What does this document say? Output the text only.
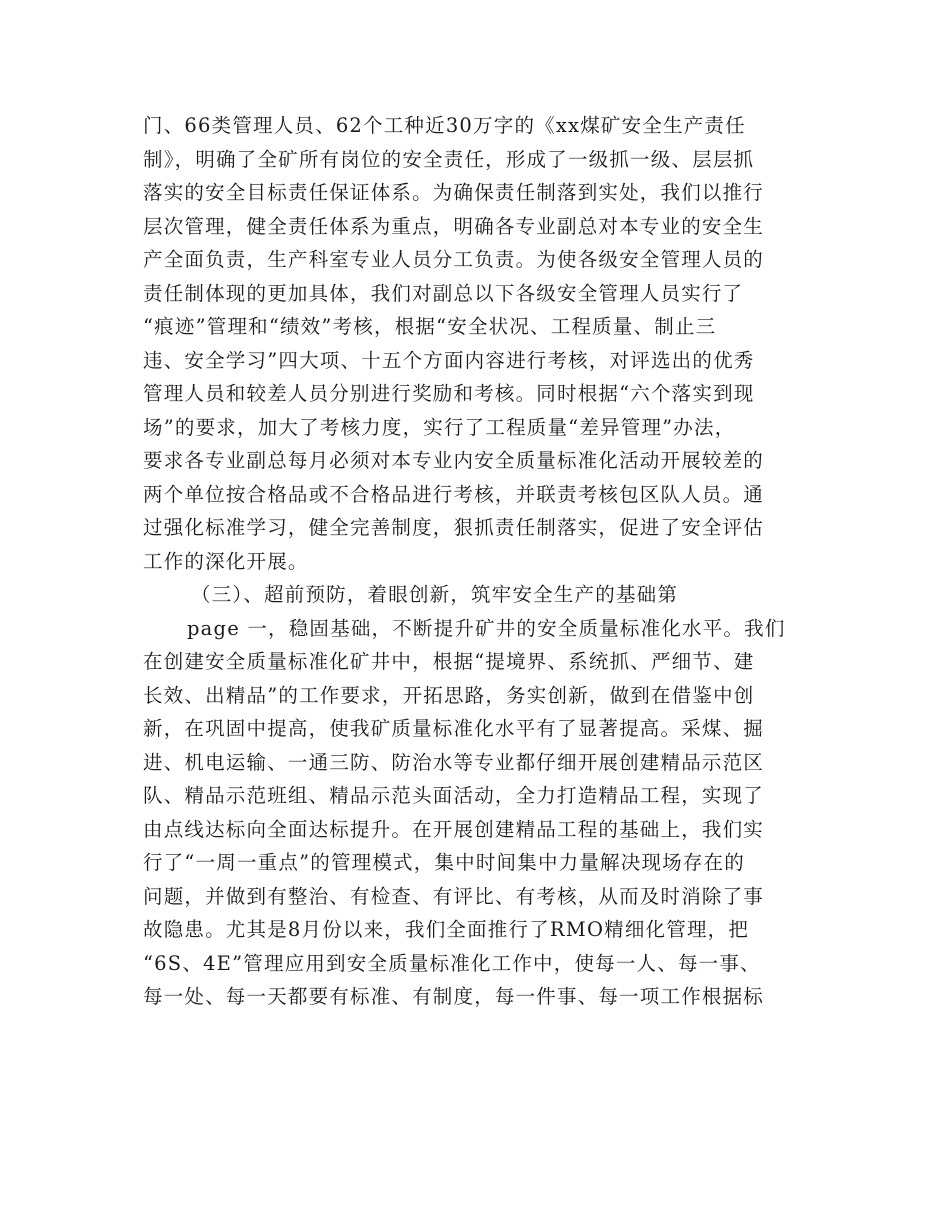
门、66类管理人员、62个工种近30万字的《xx煤矿安全生产责任
制》，明确了全矿所有岗位的安全责任，形成了一级抓一级、层层抓
落实的安全目标责任保证体系。为确保责任制落到实处，我们以推行
层次管理，健全责任体系为重点，明确各专业副总对本专业的安全生
产全面负责，生产科室专业人员分工负责。为使各级安全管理人员的
责任制体现的更加具体，我们对副总以下各级安全管理人员实行了
“痕迹”管理和“绩效”考核，根据“安全状况、工程质量、制止三
违、安全学习”四大项、十五个方面内容进行考核，对评选出的优秀
管理人员和较差人员分别进行奖励和考核。同时根据“六个落实到现
场”的要求，加大了考核力度，实行了工程质量“差异管理”办法，
要求各专业副总每月必须对本专业内安全质量标准化活动开展较差的
两个单位按合格品或不合格品进行考核，并联责考核包区队人员。通
过强化标准学习，健全完善制度，狠抓责任制落实，促进了安全评估
工作的深化开展。
（三）、超前预防，着眼创新，筑牢安全生产的基础第
page 一，稳固基础，不断提升矿井的安全质量标准化水平。我们
在创建安全质量标准化矿井中，根据“提境界、系统抓、严细节、建
长效、出精品”的工作要求，开拓思路，务实创新，做到在借鉴中创
新，在巩固中提高，使我矿质量标准化水平有了显著提高。采煤、掘
进、机电运输、一通三防、防治水等专业都仔细开展创建精品示范区
队、精品示范班组、精品示范头面活动，全力打造精品工程，实现了
由点线达标向全面达标提升。在开展创建精品工程的基础上，我们实
行了“一周一重点”的管理模式，集中时间集中力量解决现场存在的
问题，并做到有整治、有检查、有评比、有考核，从而及时消除了事
故隐患。尤其是8月份以来，我们全面推行了RMO精细化管理，把
“6S、4E”管理应用到安全质量标准化工作中，使每一人、每一事、
每一处、每一天都要有标准、有制度，每一件事、每一项工作根据标
